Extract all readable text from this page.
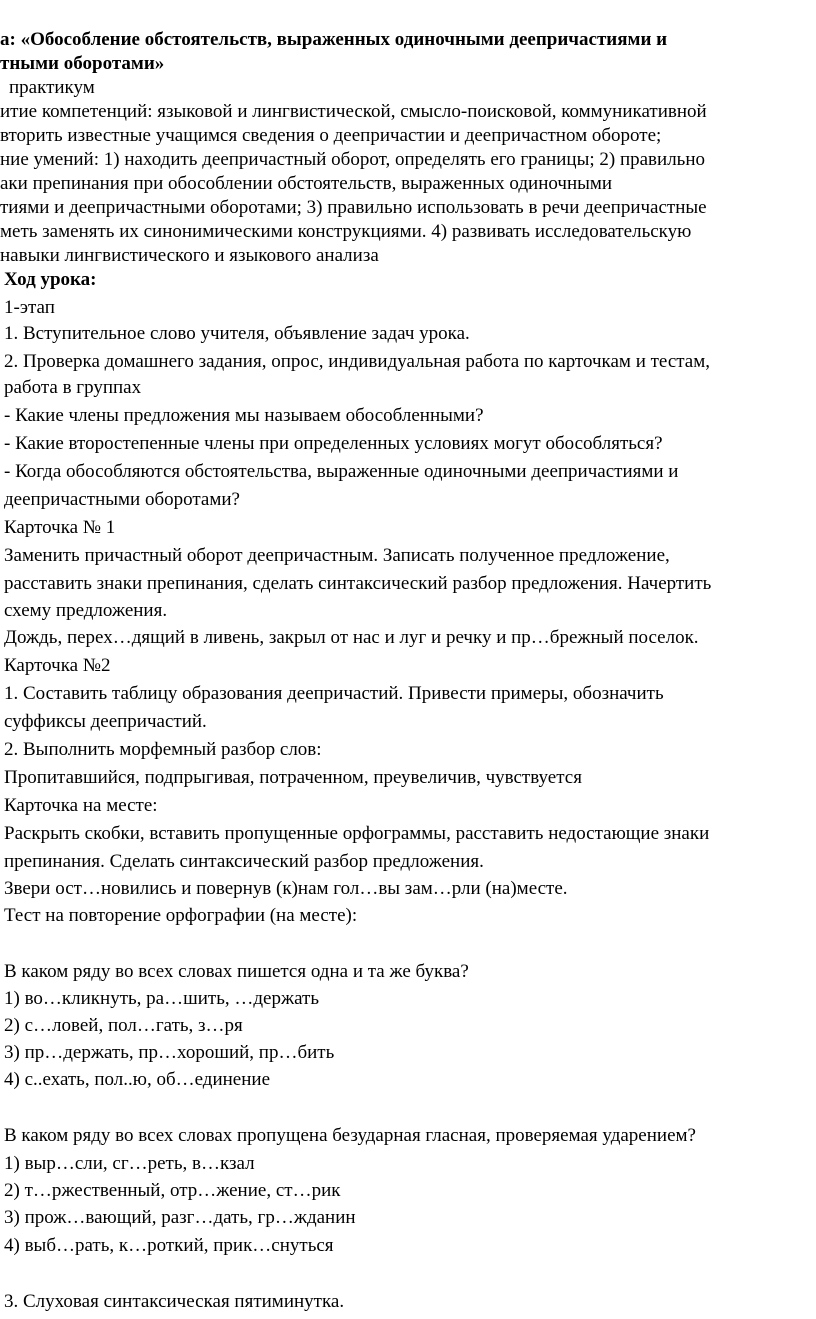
а: «Обособление обстоятельств, выраженных одиночными деепричастиями и
тными оборотами»
практикум
итие компетенций: языковой и лингвистической, смысло-поисковой, коммуникативной
вторить известные учащимся сведения о деепричастии и деепричастном обороте;
ние умений: 1) находить деепричастный оборот, определять его границы; 2) правильно
аки препинания при обособлении обстоятельств, выраженных одиночными
тиями и деепричастными оборотами; 3) правильно использовать в речи деепричастные
меть заменять их синонимическими конструкциями. 4) развивать исследовательскую
навыки лингвистического и языкового анализа
Ход урока:
1-этап
1. Вступительное слово учителя, объявление задач урока.
2. Проверка домашнего задания, опрос, индивидуальная работа по карточкам и тестам,
работа в группах
- Какие члены предложения мы называем обособленными?
- Какие второстепенные члены при определенных условиях могут обособляться?
- Когда обособляются обстоятельства, выраженные одиночными деепричастиями и
деепричастными оборотами?
Карточка № 1
Заменить причастный оборот деепричастным. Записать полученное предложение,
расставить знаки препинания, сделать синтаксический разбор предложения. Начертить
схему предложения.
Дождь, перех…дящий в ливень, закрыл от нас и луг и речку и пр…брежный поселок.
Карточка №2
1. Составить таблицу образования деепричастий. Привести примеры, обозначить
суффиксы деепричастий.
2. Выполнить морфемный разбор слов:
Пропитавшийся, подпрыгивая, потраченном, преувеличив, чувствуется
Карточка на месте:
Раскрыть скобки, вставить пропущенные орфограммы, расставить недостающие знаки
препинания. Сделать синтаксический разбор предложения.
Звери ост…новились и повернув (к)нам гол…вы зам…рли (на)месте.
Тест на повторение орфографии (на месте):
В каком ряду во всех словах пишется одна и та же буква?
1) во…кликнуть, ра…шить, …держать
2) с…ловей, пол…гать, з…ря
3) пр…держать, пр…хороший, пр…бить
4) с..ехать, пол..ю, об…единение
В каком ряду во всех словах пропущена безударная гласная, проверяемая ударением?
1) выр…сли, сг…реть, в…кзал
2) т…ржественный, отр…жение, ст…рик
3) прож…вающий, разг…дать, гр…жданин
4) выб…рать, к…роткий, прик…снуться
3. Слуховая синтаксическая пятиминутка.
